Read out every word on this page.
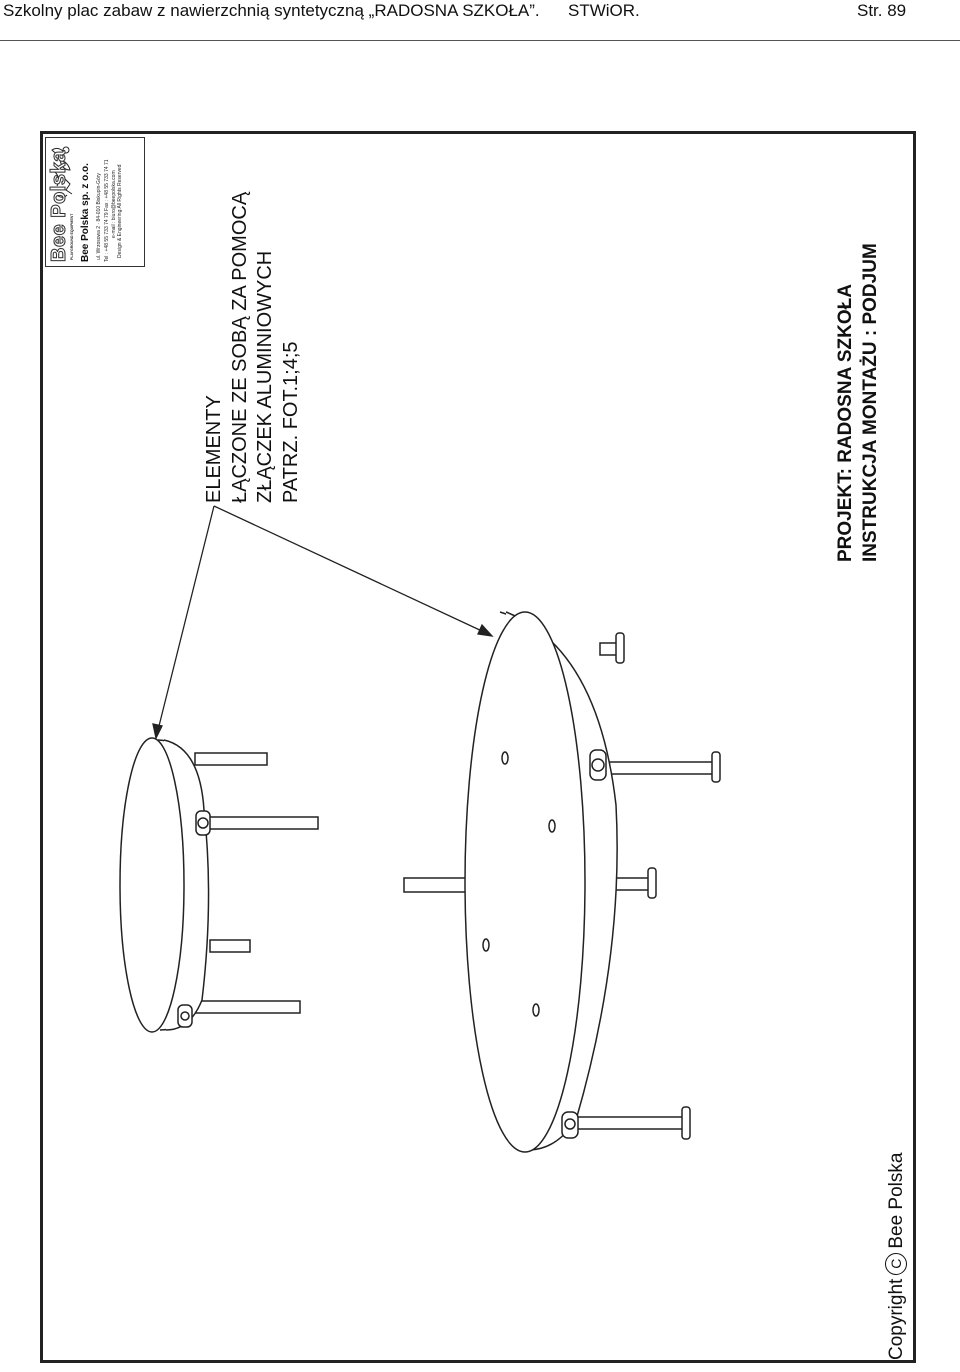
Szkolny plac zabaw z nawierzchnią syntetyczną „RADOSNA SZKOŁA”. STWiOR.	Str. 89
Bee Polska PLAYGROUND EQUIPMENT Bee Polska sp. z o.o. ul. Wrzosowa 2 · 84-010 Biskupin-Góry Tel : +48 55 733 74 79 Fax : +48 55 733 74 71 e-mail : biuro@beepolska.com Design & Engineering All Rights Reserved
ELEMENTY ŁĄCZONE ZE SOBĄ ZA POMOCĄ ZŁĄCZEK ALUMINIOWYCH PATRZ. FOT.1;4;5	PROJEKT: RADOSNA SZKOŁA INSTRUKCJA MONTAŻU : PODJUM
CopyrightCBee Polska
